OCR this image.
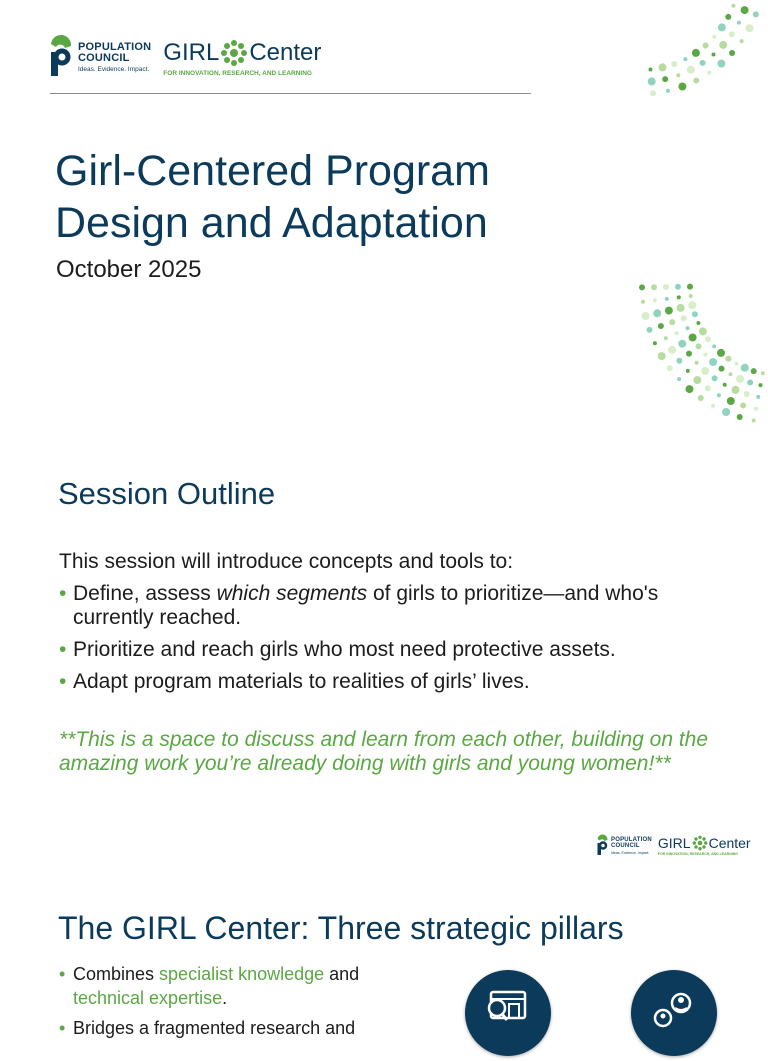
POPULATION
COUNCIL
Ideas. Evidence. Impact.
GIRL Center
FOR INNOVATION, RESEARCH, AND LEARNING
Girl-Centered Program
Design and Adaptation
October 2025
Session Outline
This session will introduce concepts and tools to:
• Define, assess which segments of girls to prioritize—and who's currently reached.
• Prioritize and reach girls who most need protective assets.
• Adapt program materials to realities of girls’ lives.
**This is a space to discuss and learn from each other, building on the amazing work you’re already doing with girls and young women!**
POPULATION
COUNCIL
Ideas. Evidence. Impact.
GIRL Center
FOR INNOVATION, RESEARCH, AND LEARNING
The GIRL Center: Three strategic pillars
• Combines specialist knowledge and technical expertise.
• Bridges a fragmented research and
